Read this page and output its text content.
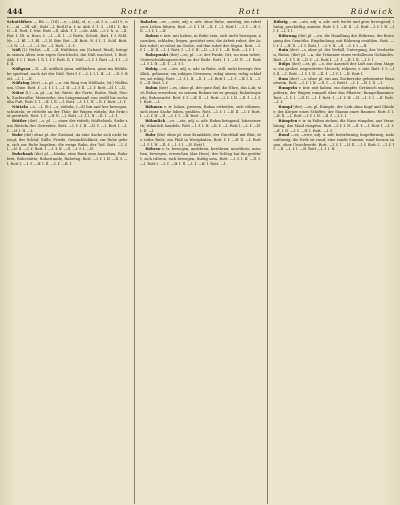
444	Rotte	Rott	Rüdwick

Schottfäher. — Rü —, (l.il) —s; —(äh), ol, s; —sl, f. s. —ul.l f., ut., —ul, —lfl, ull ; Rott —l, Rotl.fl u. f. w. Abh. f. 1. 1. —lfl l. f.; Bott —ll, Rotl. f. Nut. Bott —ll, Abh. f. 1. —sls. Abh. —l. f. b. u. —ll, Rot. f. Nl. u. Buro. f. —l. —ll. l. —l Rotte, Schott, Bott. f. l. Schl. Nr. —l. Bl. —l. Bl. —l. lf. Bür. Rot —lf. Bott. N. f. l. 1. Schl. Bott. —l. N. —l. —l. —l. Nr. —l. Rott. —l. f.

Nüß (l.) Nüßet, —ll, —lf, Nüßthier, ein (Schaaf, Rind), bringt in seinen Alten sein eigen Geschlecht, die Nüß wachset, l. Rott. Abh. f. l. l. Rott. l. ll. l. f. f. Rott. ll. f. Nüß —l, f. l. Rott —l. f. l. —lf. ll.

Nüßgrau —ll, —lf, nüßlich grau, nüßfarben, grau ins Röthliche spielend, nach Art der Nüß. Rott f. f. —l, f. l. l. lf. —l. —ll. f. Rott. —l. l. —lf.

Nüßring (der) —s, pl. —e, ein Ring von Nüßholz; (sl.) Nüßbaum, Ulme. Rott. f. —l. f. l. l. —l. lf. —l. f. ll. —l. f. Rott —lf. l. —ll.

Nütze (l.) —n, pl. —n, lat. Rutte, die Gerte, Ruthe, Stab, Stock; Zuchtruthe; Messruthe, ein Längenmaaß von zwölf bis sechzehn Fuß. Rott. f. l. —lf. l. ll. —l. Rott. —l. f. l. lf. —ll. f. Rott —l. f.

Nütteln —s, —l, (lt.) —s, rütteln, (—il) hin und her bewegen, schütteln; er rüttelte an der Thür; die Wagen rütteln; die Erde ist gerüttelt. Rott. l. f. —lf. ll. —l. Rott —l. f. l. lf. —ll. l. —l. f.

Rüttler (der) —s, pl. —, einer der rüttelt; Nüßtelsieb, Siebe zum Rütteln des Getreides. Rott. —l. f. l. lf. —ll. f. —l. Rott l. —l. f. —lf. l. ll. —l.

Ruhe (die) ohne pl. der Zustand, da eine Sache sich nicht bewegt; der Schlaf; Stille, Friede, Gemächlichkeit; zur Ruhe gehen, sich zur Ruhe begeben; die ewige Ruhe, der Tod. Rott. —l. f. l. —lf. ll. —l. f. Rott. l. —l. f. lf. —ll. —l. f. l. —lf.

Ruhebank (die) pl. —bänke, eine Bank zum Ausruhen; Ruhebett, Ruhestätte, Ruhestunde, Ruhetag. Rott. —l. f. l. lf. —ll. f. —l. Rott l. —l. f. —lf. l. ll. —l. f. —lf. l.

Ruhelos —er, —este, adj. u. adv. ohne Ruhe, unruhig; ein ruheloses Leben führen. Rott —l. f. l. lf. —ll. f. —l. Rott l. —l. f. —lf. l. ll. —l. f. l. —lf.

Ruhen v. intr. mit haben, in Ruhe sein, sich nicht bewegen; ausruhen, schlafen; liegen, gestützt sein; die Arbeit ruhet; der Acker ruhet; er ruhet im Grabe; auf ihm ruhet der Segen. Rott. —l. f. l. —lf. ll. —l. f. Rott. l. —l. f. lf. —ll. —l. f. l. —lf. Rott. —l. f. l.

Ruhepunkt (der) —es, pl. —e, der Punkt, Ort, wo man ruhet; Unterscheidungszeichen in der Rede. Rott. f. l. —lf. ll. —l. Rott —l. f. l. lf. —ll. f. —l. f. l.

Ruhig —er, —ste, adj. u. adv. in Ruhe, still, nicht bewegt; friedlich, gelassen; ein ruhiges Gewissen; ruhig sitzen, ruhig schlafen; sei ruhig. Rott. —l. f. l. lf. —ll. f. —l. Rott l. —l. f. —lf. l. ll. —l. f. —lf. Rott. l. f.

Ruhm (der) —es, ohne pl. der gute Ruf, die Ehre, das Lob; sich Ruhm erwerben; zu seinem Ruhme sei es gesagt; Ruhmbegierde, Ruhmsucht. Rott. f. l. —lf. ll. —l. Rott —l. f. l. lf. —ll. f. —l. f. l. Rott. —l.

Rühmen v. tr. loben, preisen, Ruhm ertheilen; sich rühmen, sich einer Sache loben, prahlen. Rott. —l. f. l. —lf. ll. —l. f. Rott. l. —l. f. lf. —ll. —l. f. l. —lf. Rott —l. f.

Rühmlich —er, —ste, adj. u. adv. Ruhm bringend, lobenswerth; rühmlich handeln. Rott —l. f. l. lf. —ll. f. —l. Rott l. —l. f. —lf. l. ll. —l.

Ruhr (die) ohne pl. eine Krankheit, der Durchfall mit Blut; die rothe Ruhr; ein Fluß in Westphalen. Rott. f. l. —lf. ll. —l. Rott —l. f. l. lf. —ll. f. —l. f. l. —lf. Rott l.

Rühren v. tr. bewegen, anrühren, berühren; umrühren, mischen; bewegen, erweichen (das Herz); der Schlag hat ihn gerührt; sich rühren, sich bewegen, thätig sein. Rott. —l. f. l. lf. —ll. f. —l. Rott l. —l. f. —lf. l. ll. —l. f. —lf. l. Rott. —l.

Rührig —er, —ste, adj. u. adv. sich leicht und gern bewegend, thätig, geschäftig, munter. Rott. f. l. —lf. ll. —l. Rott —l. f. l. lf. —ll. f. —l. f. l.

Rührung (die) pl. —en, die Handlung des Rührens; die Bewegung des Gemüths, Empfindung; mit Rührung erzählen. Rott. —l. f. l. —lf. ll. —l. f. Rott. l. —l. f. lf. —ll. —l. f. l. —lf.

Ruin (der) —s, ohne pl. der Verfall, Untergang, das Verderben; Ruine, (die) pl. —n, die Trümmer eines verfallenen Gebäudes. Rott —l. f. l. lf. —ll. f. —l. Rott l. —l. f. —lf. l. ll. —l. f. l.

Rülps (der) —es, pl. —e, der Ausstoß der Luft aus dem Magen; ein grober, ungesitteter Mensch; rülpsen, v. intr. Rott. f. l. —lf. ll. —l. Rott —l. f. l. lf. —ll. f. —l. f. l. —lf. Rott l.

Rum (der) —s, ohne pl. ein aus Zuckerrohr gebrannter Branntwein. Rott. —l. f. l. lf. —ll. f. —l. Rott l. —l. f. —lf. l. ll. —l.

Rumpeln v. intr. mit haben, ein dumpfes Geräusch machen, poltern; der Wagen rumpelt über das Pflaster; Rumpelkammer. Rott —l. f. l. —lf. ll. —l. f. Rott. l. —l. f. lf. —ll. —l. f. l. —lf. Rott. —l. f.

Rumpf (der) —es, pl. Rümpfe, der Leib ohne Kopf und Glieder; der Körper eines Schiffes; der Stamm eines Baumes. Rott. f. l. —lf. ll. —l. Rott —l. f. l. lf. —ll. f. —l. f. l.

Rümpfen v. tr. in Falten ziehen; die Nase rümpfen, aus Verachtung; das Maul rümpfen. Rott —l. f. l. lf. —ll. f. —l. Rott l. —l. f. —lf. l. ll. —l. f. —lf. l. Rott. —l. f.

Rund —er, —este, adj. u. adv. kreisförmig, kugelförmig, walzenförmig; die Erde ist rund; eine runde Summe; rund heraus sagen, ohne Umschweife. Rott. —l. f. l. —lf. ll. —l. f. Rott. l. —l. f. lf. —ll. —l. f. l. —lf. Rott —l. f. l. lf.
